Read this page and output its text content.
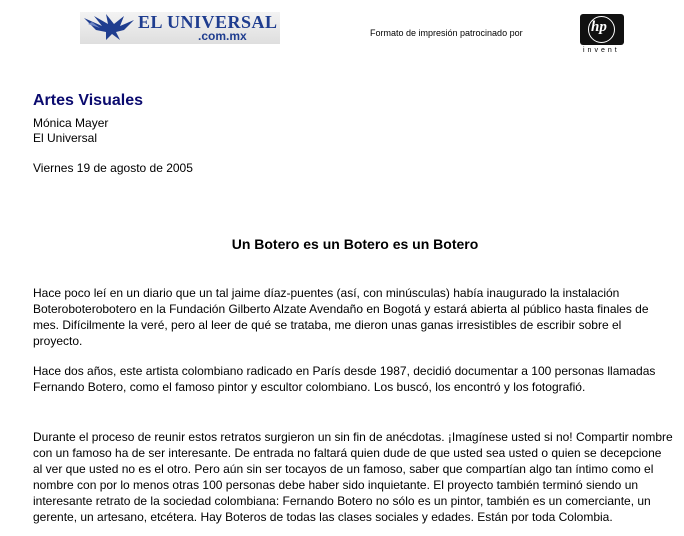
EL UNIVERSAL
.com.mx	Formato de impresión patrocinado por	hp
invent
Artes Visuales
Mónica Mayer
El Universal
Viernes 19 de agosto de 2005
Un Botero es un Botero es un Botero
Hace poco leí en un diario que un tal jaime díaz-puentes (así, con minúsculas) había inaugurado la instalación Boteroboterobotero en la Fundación Gilberto Alzate Avendaño en Bogotá y estará abierta al público hasta finales de mes. Difícilmente la veré, pero al leer de qué se trataba, me dieron unas ganas irresistibles de escribir sobre el proyecto.
Hace dos años, este artista colombiano radicado en París desde 1987, decidió documentar a 100 personas llamadas Fernando Botero, como el famoso pintor y escultor colombiano. Los buscó, los encontró y los fotografió.
Durante el proceso de reunir estos retratos surgieron un sin fin de anécdotas. ¡Imagínese usted si no! Compartir nombre con un famoso ha de ser interesante. De entrada no faltará quien dude de que usted sea usted o quien se decepcione al ver que usted no es el otro. Pero aún sin ser tocayos de un famoso, saber que compartían algo tan íntimo como el nombre con por lo menos otras 100 personas debe haber sido inquietante. El proyecto también terminó siendo un interesante retrato de la sociedad colombiana: Fernando Botero no sólo es un pintor, también es un comerciante, un gerente, un artesano, etcétera. Hay Boteros de todas las clases sociales y edades. Están por toda Colombia.
